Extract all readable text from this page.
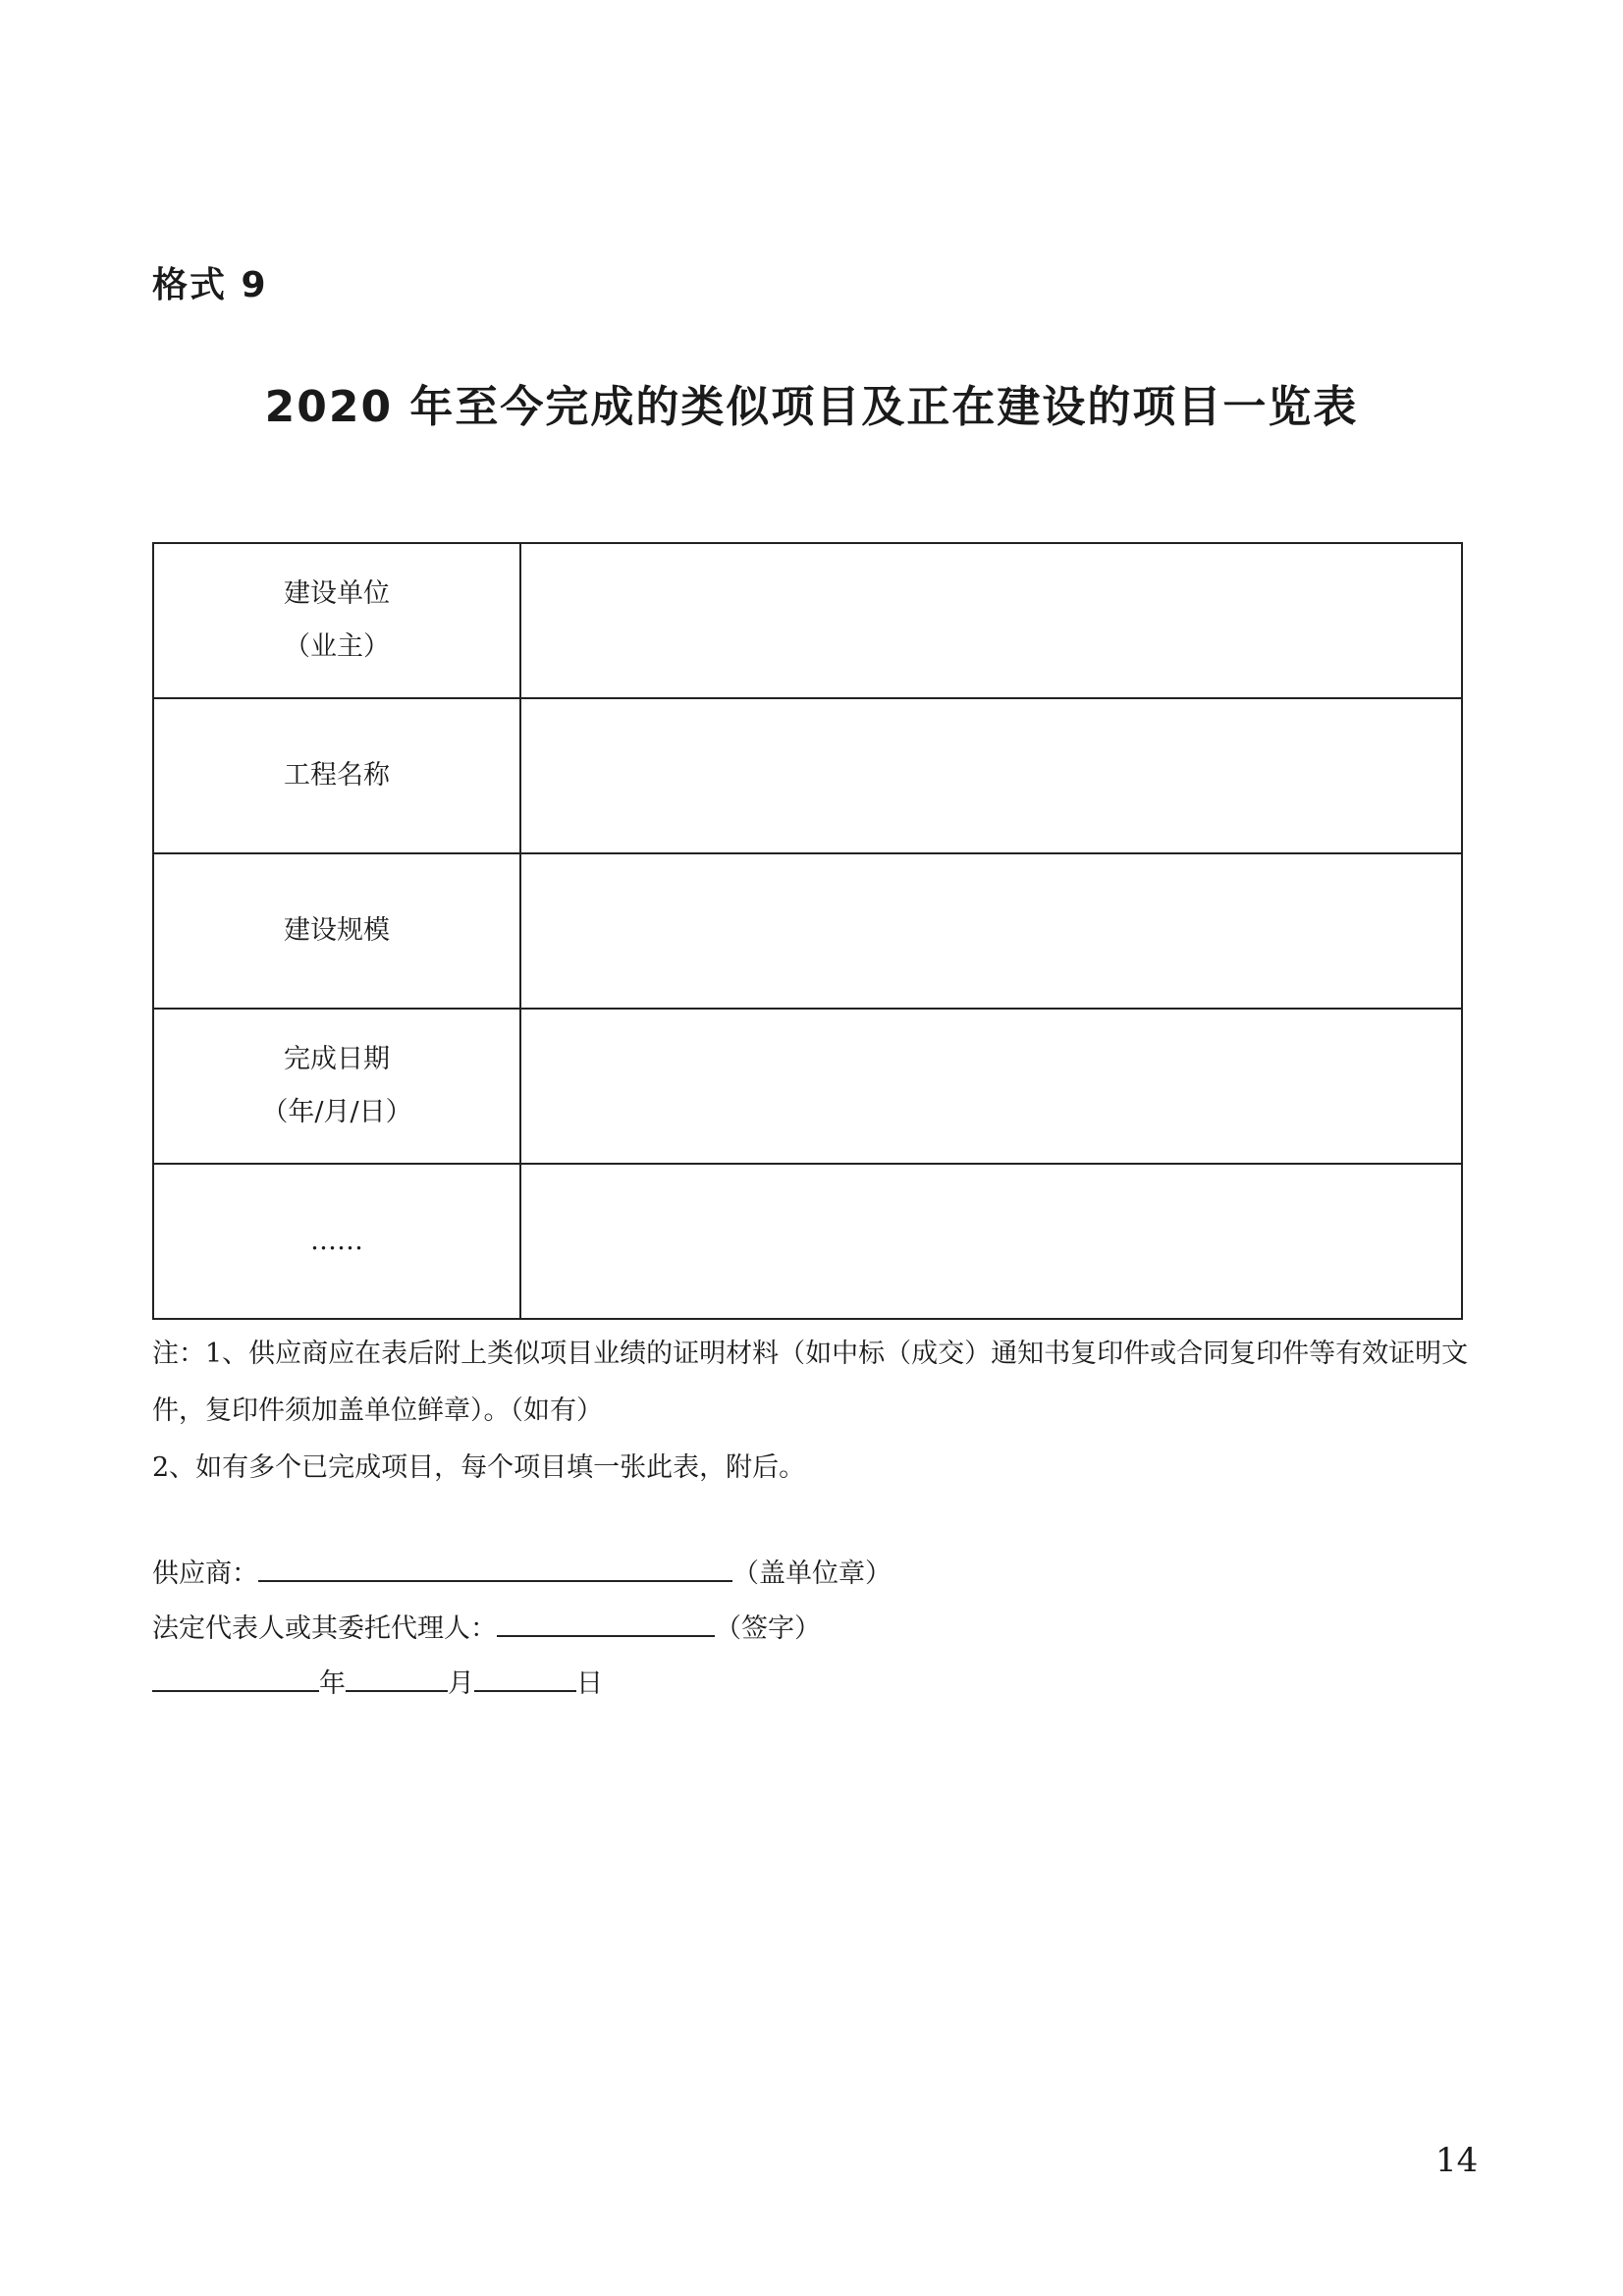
格式 9
2020 年至今完成的类似项目及正在建设的项目一览表
建设单位
（业主）	

工程名称	

建设规模	

完成日期
（年/月/日）	

……	

注：1、供应商应在表后附上类似项目业绩的证明材料（如中标（成交）通知书复印件或合同复印件等有效证明文件，复印件须加盖单位鲜章）。（如有）

2、如有多个已完成项目，每个项目填一张此表，附后。

供应商：	（盖单位章）
法定代表人或其委托代理人：	（签字）
年	月	日
14
